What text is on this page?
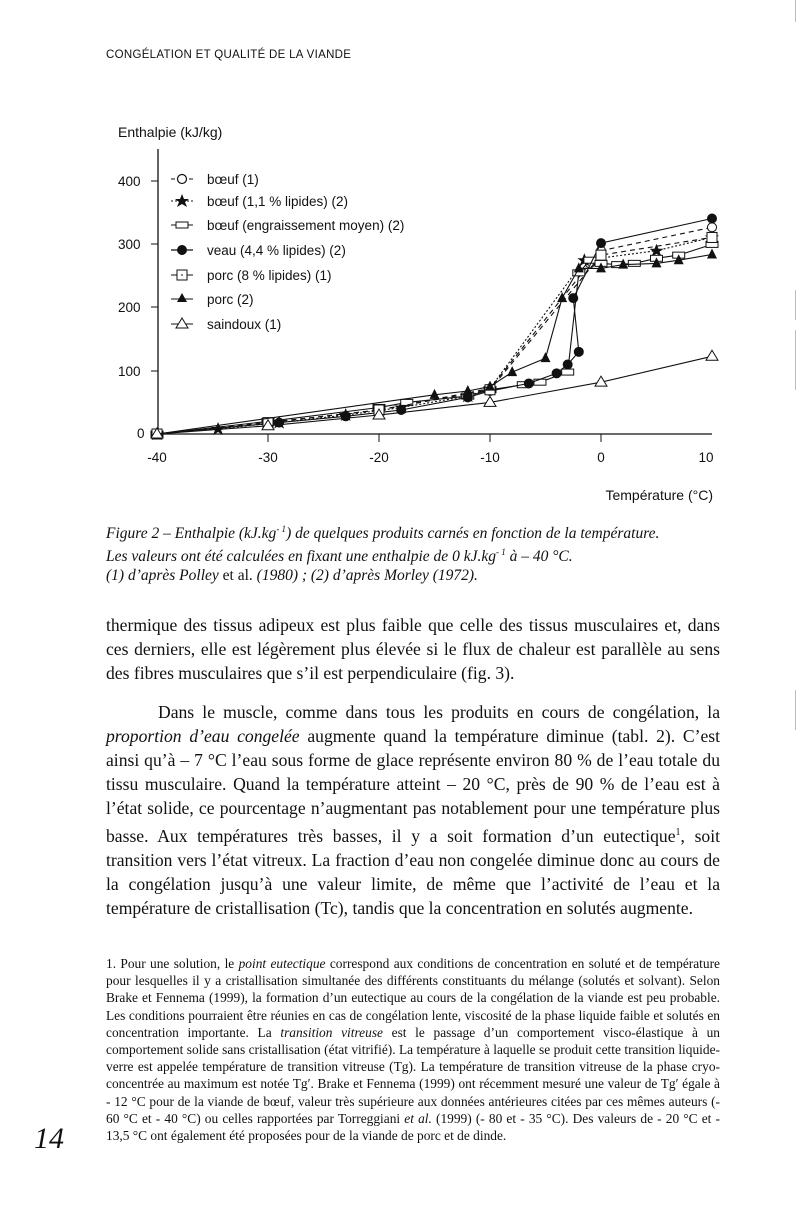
CONGÉLATION ET QUALITÉ DE LA VIANDE
Enthalpie (kJ/kg)
400
300
200
100
0
-40	-30	-20	-10	0	10
Température (°C)
bœuf (1)
bœuf (1,1 % lipides) (2)
bœuf (engraissement moyen) (2)
veau (4,4 % lipides) (2)
porc (8 % lipides) (1)
porc (2)
saindoux (1)
Figure 2 – Enthalpie $(kJ.kg^{- 1})$ de quelques produits carnés en fonction de la température.
Les valeurs ont été calculées en fixant une enthalpie de 0 $kJ.kg^{- 1}$ à – 40 °C.
(1) d’après Polley et al. (1980) ; (2) d’après Morley (1972).

thermique des tissus adipeux est plus faible que celle des tissus musculaires et, dans ces derniers, elle est légèrement plus élevée si le flux de chaleur est parallèle au sens des fibres musculaires que s’il est perpendiculaire (fig. 3).

Dans le muscle, comme dans tous les produits en cours de congélation, la proportion d’eau congelée augmente quand la température diminue (tabl. 2). C’est ainsi qu’à – 7 °C l’eau sous forme de glace représente environ 80 % de l’eau totale du tissu musculaire. Quand la température atteint – 20 °C, près de 90 % de l’eau est à l’état solide, ce pourcentage n’augmentant pas notablement pour une température plus basse. Aux températures très basses, il y a soit formation d’un eutectique$^1$, soit transition vers l’état vitreux. La fraction d’eau non congelée diminue donc au cours de la congélation jusqu’à une valeur limite, de même que l’activité de l’eau et la température de cristallisation (Tc), tandis que la concentration en solutés augmente.

1. Pour une solution, le point eutectique correspond aux conditions de concentration en soluté et de température pour lesquelles il y a cristallisation simultanée des différents constituants du mélange (solutés et solvant). Selon Brake et Fennema (1999), la formation d’un eutectique au cours de la congélation de la viande est peu probable. Les conditions pourraient être réunies en cas de congélation lente, viscosité de la phase liquide faible et solutés en concentration importante. La transition vitreuse est le passage d’un comportement visco-élastique à un comportement solide sans cristallisation (état vitrifié). La température à laquelle se produit cette transition liquide-verre est appelée température de transition vitreuse (Tg). La température de transition vitreuse de la phase cryo-concentrée au maximum est notée Tg′. Brake et Fennema (1999) ont récemment mesuré une valeur de Tg′ égale à - 12 °C pour de la viande de bœuf, valeur très supérieure aux données antérieures citées par ces mêmes auteurs (- 60 °C et - 40 °C) ou celles rapportées par Torreggiani et al. (1999) (- 80 et - 35 °C). Des valeurs de - 20 °C et - 13,5 °C ont également été proposées pour de la viande de porc et de dinde.
14
